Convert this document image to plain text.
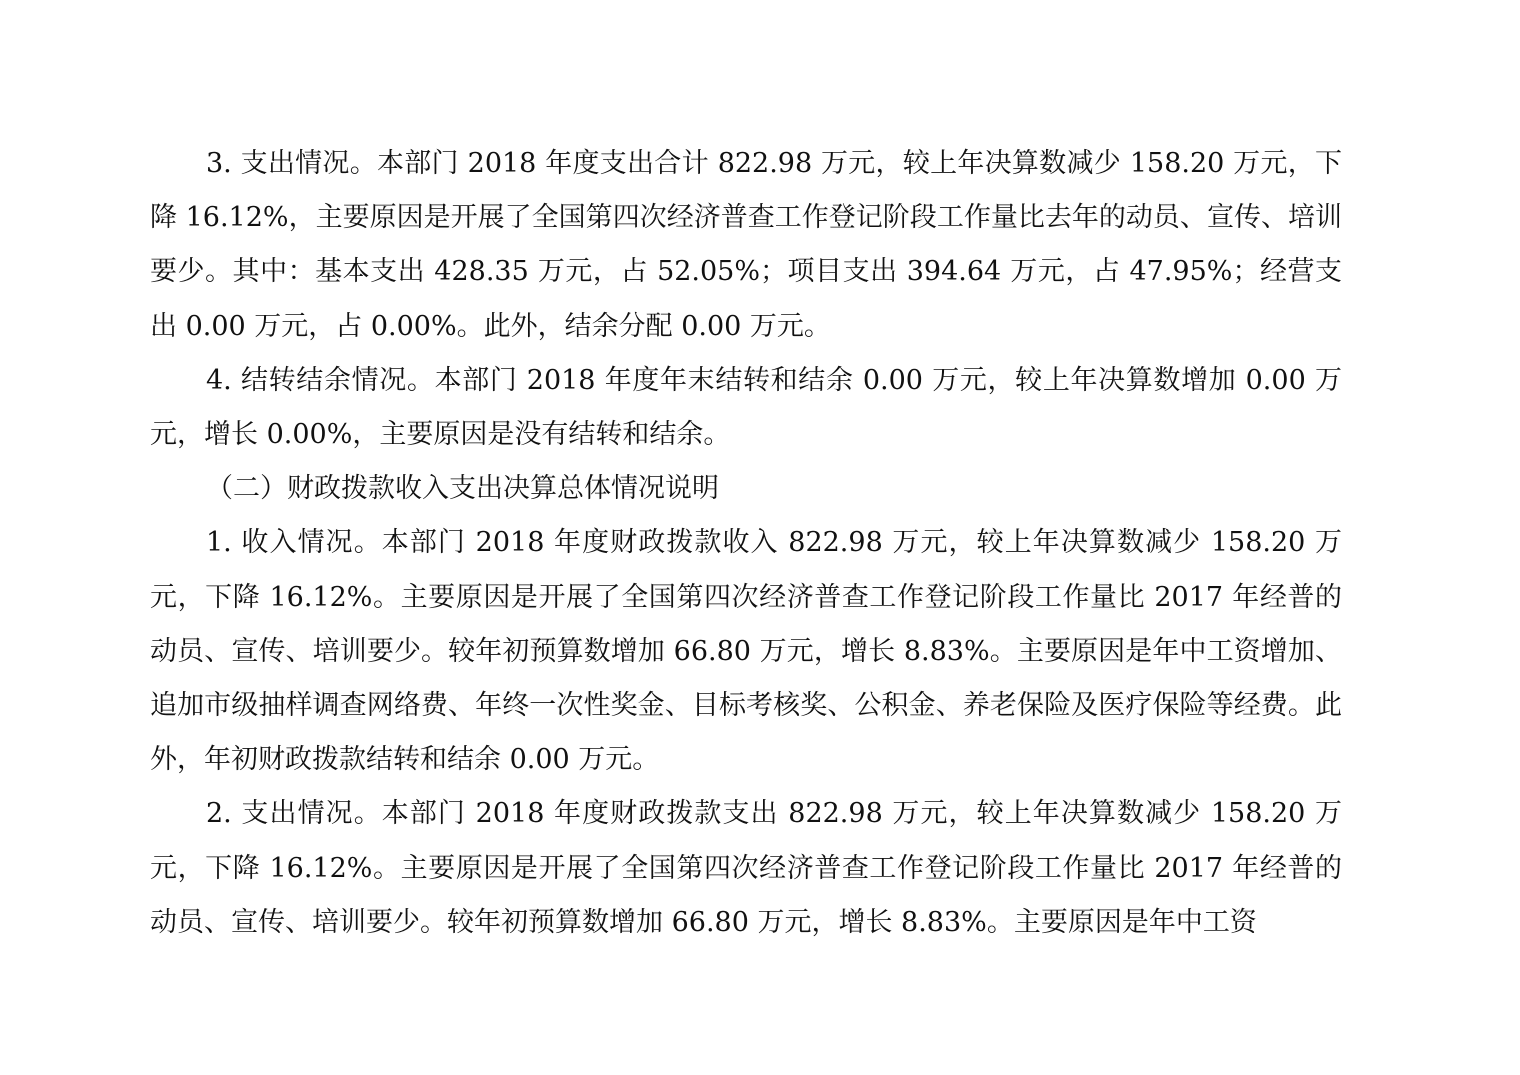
3. 支出情况。本部门 2018 年度支出合计 822.98 万元，较上年决算数减少 158.20 万元，下降 16.12%，主要原因是开展了全国第四次经济普查工作登记阶段工作量比去年的动员、宣传、培训要少。其中：基本支出 428.35 万元，占 52.05%；项目支出 394.64 万元，占 47.95%；经营支出 0.00 万元，占 0.00%。此外，结余分配 0.00 万元。

4. 结转结余情况。本部门 2018 年度年末结转和结余 0.00 万元，较上年决算数增加 0.00 万元，增长 0.00%，主要原因是没有结转和结余。

（二）财政拨款收入支出决算总体情况说明

1. 收入情况。本部门 2018 年度财政拨款收入 822.98 万元，较上年决算数减少 158.20 万元，下降 16.12%。主要原因是开展了全国第四次经济普查工作登记阶段工作量比 2017 年经普的动员、宣传、培训要少。较年初预算数增加 66.80 万元，增长 8.83%。主要原因是年中工资增加、追加市级抽样调查网络费、年终一次性奖金、目标考核奖、公积金、养老保险及医疗保险等经费。此外，年初财政拨款结转和结余 0.00 万元。

2. 支出情况。本部门 2018 年度财政拨款支出 822.98 万元，较上年决算数减少 158.20 万元，下降 16.12%。主要原因是开展了全国第四次经济普查工作登记阶段工作量比 2017 年经普的动员、宣传、培训要少。较年初预算数增加 66.80 万元，增长 8.83%。主要原因是年中工资
